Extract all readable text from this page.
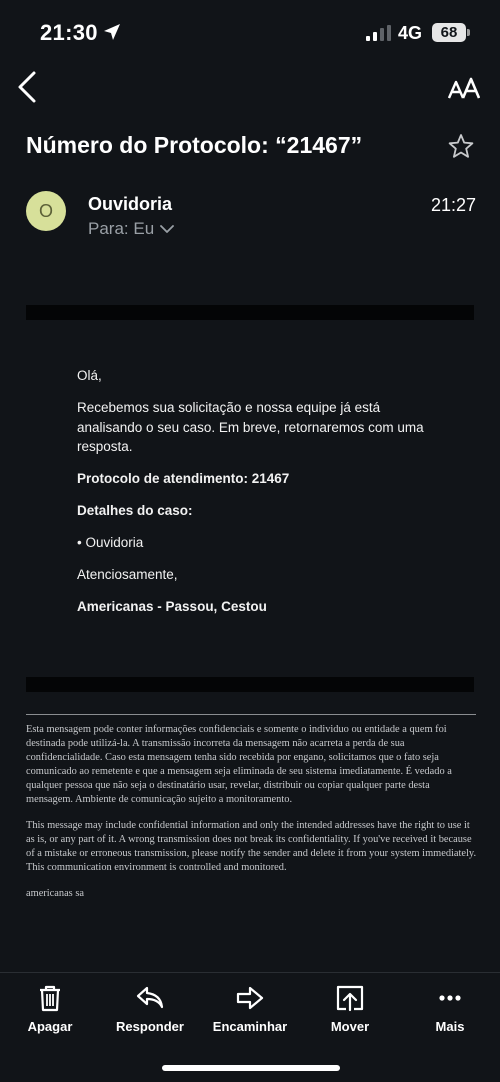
21:30	4G	68
Número do Protocolo: “21467”
O	Ouvidoria
Para: Eu
21:27

Olá,

Recebemos sua solicitação e nossa equipe já está analisando o seu caso. Em breve, retornaremos com uma resposta.

Protocolo de atendimento: 21467

Detalhes do caso:

• Ouvidoria

Atenciosamente,

Americanas - Passou, Cestou

Esta mensagem pode conter informações confidenciais e somente o individuo ou entidade a quem foi destinada pode utilizá-la. A transmissão incorreta da mensagem não acarreta a perda de sua confidencialidade. Caso esta mensagem tenha sido recebida por engano, solicitamos que o fato seja comunicado ao remetente e que a mensagem seja eliminada de seu sistema imediatamente. É vedado a qualquer pessoa que não seja o destinatário usar, revelar, distribuir ou copiar qualquer parte desta mensagem. Ambiente de comunicação sujeito a monitoramento.

This message may include confidential information and only the intended addresses have the right to use it as is, or any part of it. A wrong transmission does not break its confidentiality. If you've received it because of a mistake or erroneous transmission, please notify the sender and delete it from your system immediately. This communication environment is controlled and monitored.

americanas sa

Apagar	Responder	Encaminhar	Mover	Mais
